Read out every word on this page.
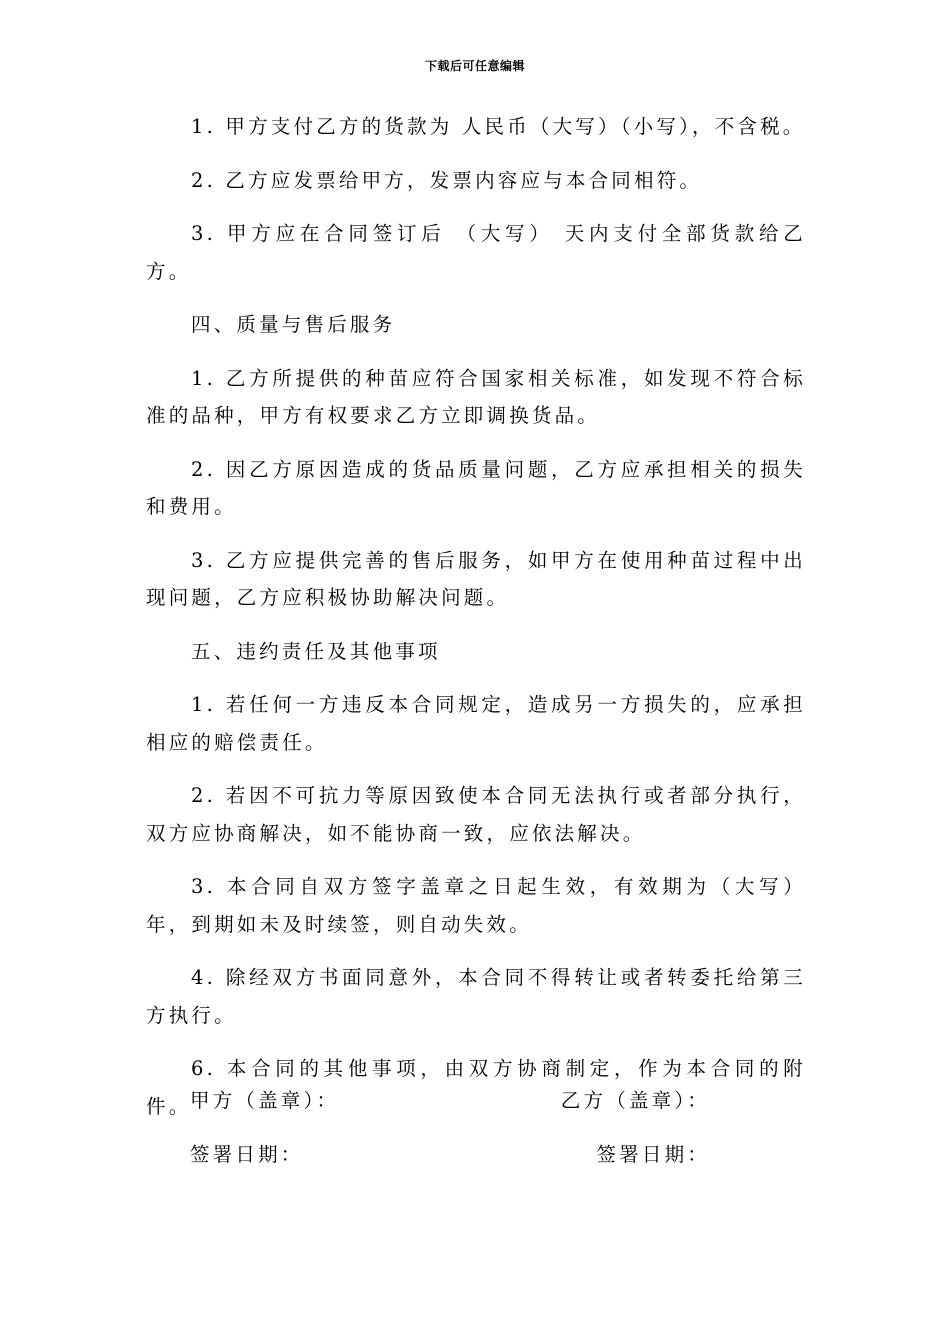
下载后可任意编辑

1. 甲方支付乙方的货款为 人民币（大写）（小写），不含税。

2. 乙方应发票给甲方，发票内容应与本合同相符。

3. 甲方应在合同签订后 （大写） 天内支付全部货款给乙方。

四、质量与售后服务

1. 乙方所提供的种苗应符合国家相关标准，如发现不符合标准的品种，甲方有权要求乙方立即调换货品。

2. 因乙方原因造成的货品质量问题，乙方应承担相关的损失和费用。

3. 乙方应提供完善的售后服务，如甲方在使用种苗过程中出现问题，乙方应积极协助解决问题。

五、违约责任及其他事项

1. 若任何一方违反本合同规定，造成另一方损失的，应承担相应的赔偿责任。

2. 若因不可抗力等原因致使本合同无法执行或者部分执行，双方应协商解决，如不能协商一致，应依法解决。

3. 本合同自双方签字盖章之日起生效，有效期为（大写）年，到期如未及时续签，则自动失效。

4. 除经双方书面同意外，本合同不得转让或者转委托给第三方执行。

6. 本合同的其他事项，由双方协商制定，作为本合同的附件。

甲方（盖章）：	乙方（盖章）：
签署日期：	签署日期：
